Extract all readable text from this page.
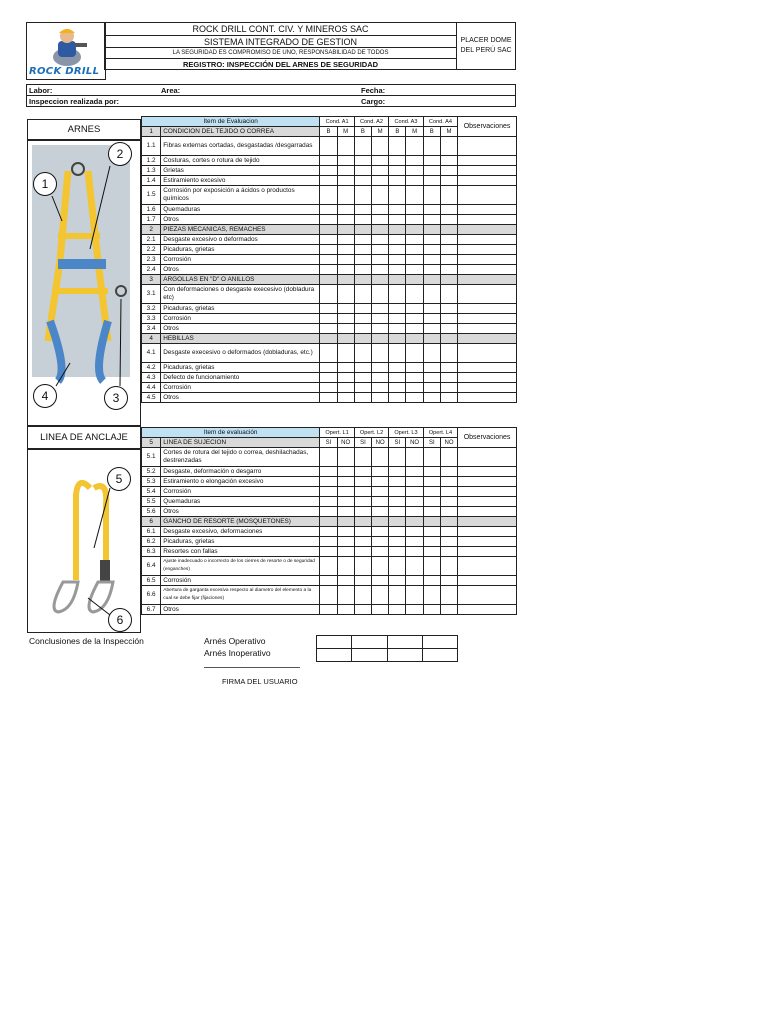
ROCK DRILL
ROCK DRILL CONT. CIV. Y MINEROS SAC	
PLACER DOME
DEL PERÚ SAC

SISTEMA INTEGRADO DE GESTION
LA SEGURIDAD ES COMPROMISO DE UNO, RESPONSABILIDAD DE TODOS
REGISTRO: INSPECCIÓN DEL ARNES DE SEGURIDAD
Labor:	Area:	Fecha:
Inspeccion realizada por:		Cargo:
ARNES
1
2
3
4
LINEA DE ANCLAJE
5
6
Item de Evaluacion		Cond. A1		Cond. A2		Cond. A3		Cond. A4		Observaciones
1	CONDICION DEL TEJIDO O CORREA	B	M	B	M	B	M	B	M	
1.1	Fibras externas cortadas, desgastadas /desgarradas									
1.2	Costuras, cortes o rotura de tejido									
1.3	Grietas									
1.4	Estiramiento excesivo									
1.5	Corrosión por exposición a ácidos o productos químicos									
1.6	Quemaduras									
1.7	Otros									
2	PIEZAS MECANICAS, REMACHES									
2.1	Desgaste excesivo o deformados									
2.2	Picaduras, grietas									
2.3	Corrosión									
2.4	Otros									
3	ARGOLLAS EN "D" O ANILLOS									
3.1	Con deformaciones o desgaste execesivo (dobladura etc)									
3.2	Picaduras, grietas									
3.3	Corrosión									
3.4	Otros									
4	HEBILLAS									
4.1	Desgaste execesivo o deformados (dobladuras, etc.)									
4.2	Picaduras, grietas									
4.3	Defecto de funcionamiento									
4.4	Corrosión									
4.5	Otros									
Item de evaluación		Opert. L1		Opert. L2		Opert. L3		Opert. L4		Observaciones
5	LINEA DE SUJECION	SI	NO	SI	NO	SI	NO	SI	NO	
5.1	Cortes de rotura del tejido o correa, deshilachadas, destrenzadas									
5.2	Desgaste, deformación o desgarro									
5.3	Estiramiento o elongación excesivo									
5.4	Corrosión									
5.5	Quemaduras									
5.6	Otros									
6	GANCHO DE RESORTE (MOSQUETONES)									
6.1	Desgaste excesivo, deformaciones									
6.2	Picaduras, grietas									
6.3	Resortes con fallas									
6.4	Ajuste inadecuado o incorrecto de los cierres de resorte o de seguridad (enganches)									
6.5	Corrosión									
6.6	Abertura de garganta excesiva respecto al diametro del elemento a la cual se debe fijar (fijaciones)									
6.7	Otros									
Conclusiones de la Inspección	Arnés Operativo
Arnés Inoperativo

FIRMA DEL USUARIO
